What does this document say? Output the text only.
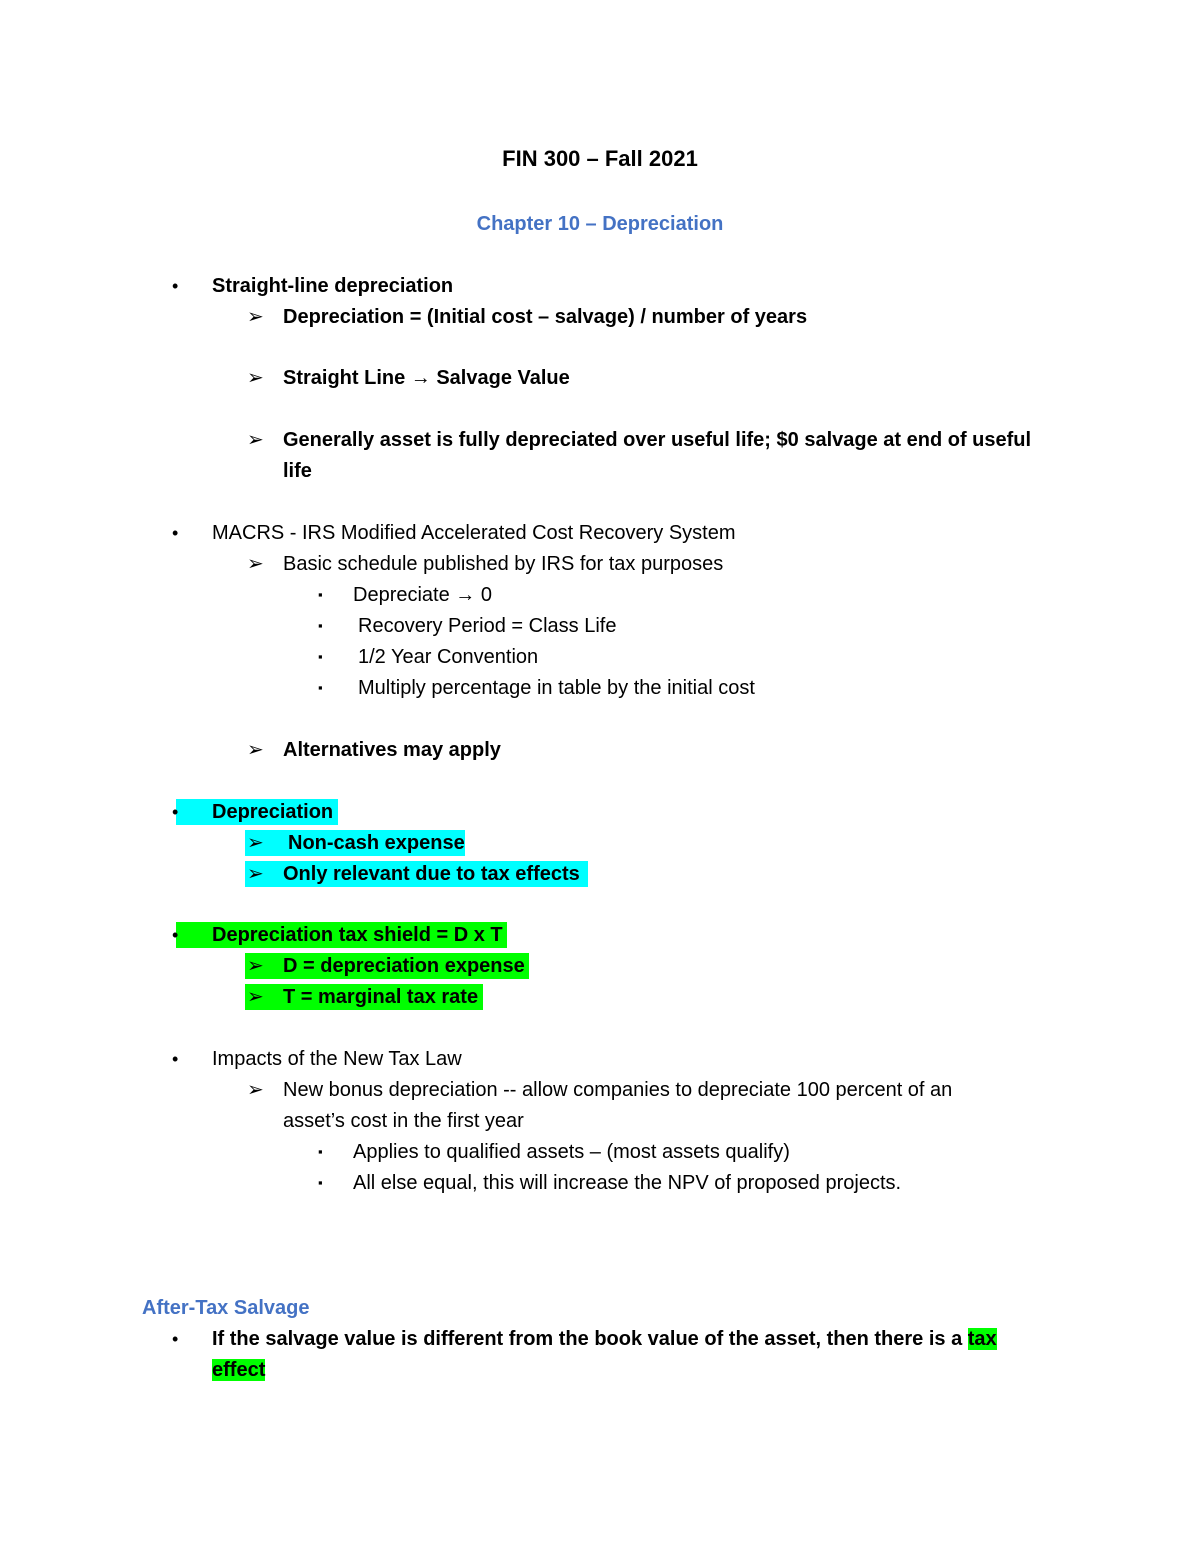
FIN 300 – Fall 2021
Chapter 10 – Depreciation
• Straight-line depreciation
➢ Depreciation = (Initial cost – salvage) / number of years
➢ Straight Line → Salvage Value
➢ Generally asset is fully depreciated over useful life; $0 salvage at end of useful
life
• MACRS - IRS Modified Accelerated Cost Recovery System
➢ Basic schedule published by IRS for tax purposes
▪ Depreciate → 0
▪ Recovery Period = Class Life
▪ 1/2 Year Convention
▪ Multiply percentage in table by the initial cost
➢ Alternatives may apply
• Depreciation
➢ Non-cash expense
➢ Only relevant due to tax effects
• Depreciation tax shield = D x T
➢ D = depreciation expense
➢ T = marginal tax rate
• Impacts of the New Tax Law
➢ New bonus depreciation -- allow companies to depreciate 100 percent of an
asset’s cost in the first year
▪ Applies to qualified assets – (most assets qualify)
▪ All else equal, this will increase the NPV of proposed projects.
After-Tax Salvage
• If the salvage value is different from the book value of the asset, then there is a tax
effect
